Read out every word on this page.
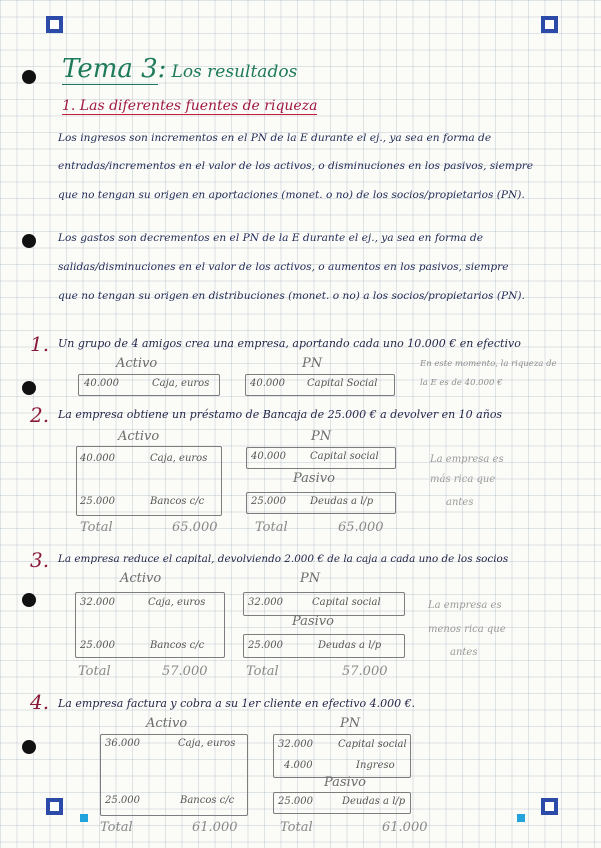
Tema 3: Los resultados
1. Las diferentes fuentes de riqueza
Los ingresos son incrementos en el PN de la E durante el ej., ya sea en forma de
entradas/incrementos en el valor de los activos, o disminuciones en los pasivos, siempre
que no tengan su origen en aportaciones (monet. o no) de los socios/propietarios (PN).
Los gastos son decrementos en el PN de la E durante el ej., ya sea en forma de
salidas/disminuciones en el valor de los activos, o aumentos en los pasivos, siempre
que no tengan su origen en distribuciones (monet. o no) a los socios/propietarios (PN).
1. Un grupo de 4 amigos crea una empresa, aportando cada uno 10.000 € en efectivo
Activo	PN
40.000	Caja, euros	40.000 Capital Social
En este momento, la riqueza de
la E es de 40.000 €
2. La empresa obtiene un préstamo de Bancaja de 25.000 € a devolver en 10 años
Activo	PN
40.000	Caja, euros
25.000	Bancos c/c
40.000 Capital social
Pasivo
25.000 Deudas a l/p
Total	65.000	Total	65.000
La empresa es
más rica que
antes
3. La empresa reduce el capital, devolviendo 2.000 € de la caja a cada uno de los socios
Activo	PN
32.000	Caja, euros
25.000	Bancos c/c
32.000	Capital social
Pasivo
25.000	Deudas a l/p
Total	57.000	Total	57.000
La empresa es
menos rica que
antes
4. La empresa factura y cobra a su 1er cliente en efectivo 4.000 €.
Activo	PN
36.000	Caja, euros
25.000	Bancos c/c
32.000	Capital social
4.000	Ingreso
Pasivo
25.000	Deudas a l/p
Total	61.000	Total	61.000
